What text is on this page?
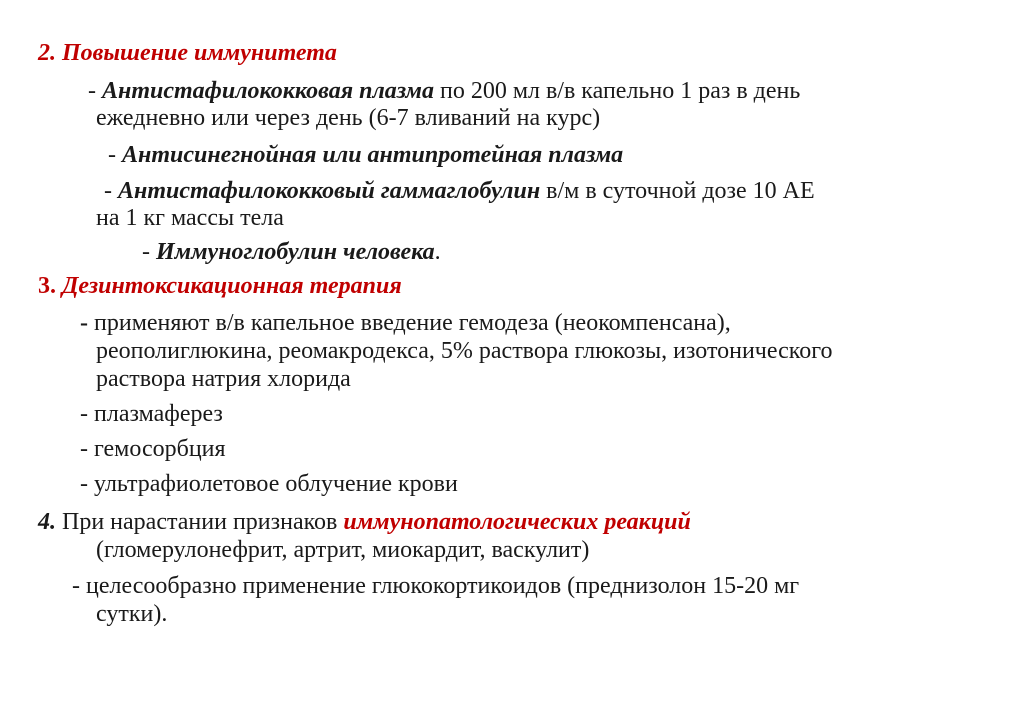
2. Повышение иммунитета
- Антистафилококковая плазма по 200 мл в/в капельно 1 раз в день
ежедневно или через день (6-7 вливаний на курс)
- Антисинегнойная или антипротейная плазма
- Антистафилококковый гаммаглобулин в/м в суточной дозе 10 АЕ
на 1 кг массы тела
- Иммуноглобулин человека.
3. Дезинтоксикационная терапия
- применяют в/в капельное введение гемодеза (неокомпенсана),
реополиглюкина, реомакродекса, 5% раствора глюкозы, изотонического
раствора натрия хлорида
- плазмаферез
- гемосорбция
- ультрафиолетовое облучение крови
4. При нарастании признаков иммунопатологических реакций
(гломерулонефрит, артрит, миокардит, васкулит)
- целесообразно применение глюкокортикоидов (преднизолон 15-20 мг
сутки).
